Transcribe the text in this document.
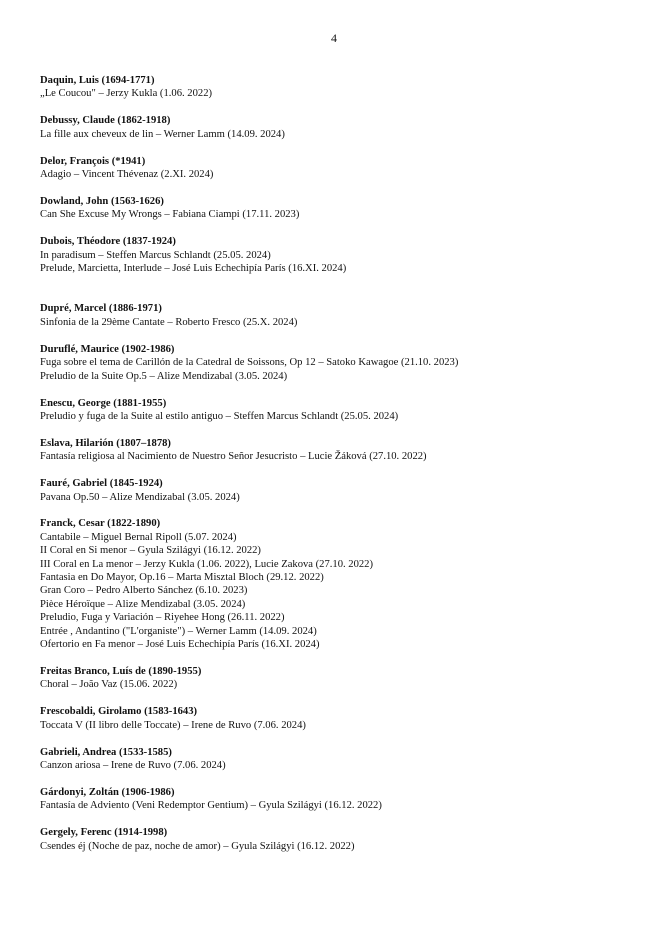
4
Daquin, Luis (1694-1771)
„Le Coucou" – Jerzy Kukla (1.06. 2022)
Debussy, Claude (1862-1918)
La fille aux cheveux de lin – Werner Lamm (14.09. 2024)
Delor, François (*1941)
Adagio – Vincent Thévenaz (2.XI. 2024)
Dowland, John (1563-1626)
Can She Excuse My Wrongs – Fabiana Ciampi (17.11. 2023)
Dubois, Théodore (1837-1924)
In paradisum – Steffen Marcus Schlandt (25.05. 2024)
Prelude, Marcietta, Interlude – José Luis Echechipía París (16.XI. 2024)
Dupré, Marcel (1886-1971)
Sinfonia de la 29ème Cantate – Roberto Fresco (25.X. 2024)
Duruflé, Maurice (1902-1986)
Fuga sobre el tema de Carillón de la Catedral de Soissons, Op 12 – Satoko Kawagoe (21.10. 2023)
Preludio de la Suite Op.5 – Alize Mendizabal (3.05. 2024)
Enescu, George (1881-1955)
Preludio y fuga de la Suite al estilo antiguo – Steffen Marcus Schlandt (25.05. 2024)
Eslava, Hilarión (1807–1878)
Fantasía religiosa al Nacimiento de Nuestro Señor Jesucristo – Lucie Žáková (27.10. 2022)
Fauré, Gabriel (1845-1924)
Pavana Op.50 – Alize Mendizabal (3.05. 2024)
Franck, Cesar (1822-1890)
Cantabile – Miguel Bernal Ripoll (5.07. 2024)
II Coral en Si menor – Gyula Szilágyi (16.12. 2022)
III Coral en La menor – Jerzy Kukla (1.06. 2022), Lucie Zakova (27.10. 2022)
Fantasia en Do Mayor, Op.16 – Marta Misztal Bloch (29.12. 2022)
Gran Coro – Pedro Alberto Sánchez (6.10. 2023)
Pièce Héroïque – Alize Mendizabal (3.05. 2024)
Preludio, Fuga y Variación – Riyehee Hong (26.11. 2022)
Entrée , Andantino ("L'organiste") – Werner Lamm (14.09. 2024)
Ofertorio en Fa menor – José Luis Echechipía París (16.XI. 2024)
Freitas Branco, Luís de (1890-1955)
Choral – João Vaz (15.06. 2022)
Frescobaldi, Girolamo (1583-1643)
Toccata V (II libro delle Toccate) – Irene de Ruvo (7.06. 2024)
Gabrieli, Andrea (1533-1585)
Canzon ariosa – Irene de Ruvo (7.06. 2024)
Gárdonyi, Zoltán (1906-1986)
Fantasía de Adviento (Veni Redemptor Gentium) – Gyula Szilágyi (16.12. 2022)
Gergely, Ferenc (1914-1998)
Csendes éj (Noche de paz, noche de amor) – Gyula Szilágyi (16.12. 2022)
